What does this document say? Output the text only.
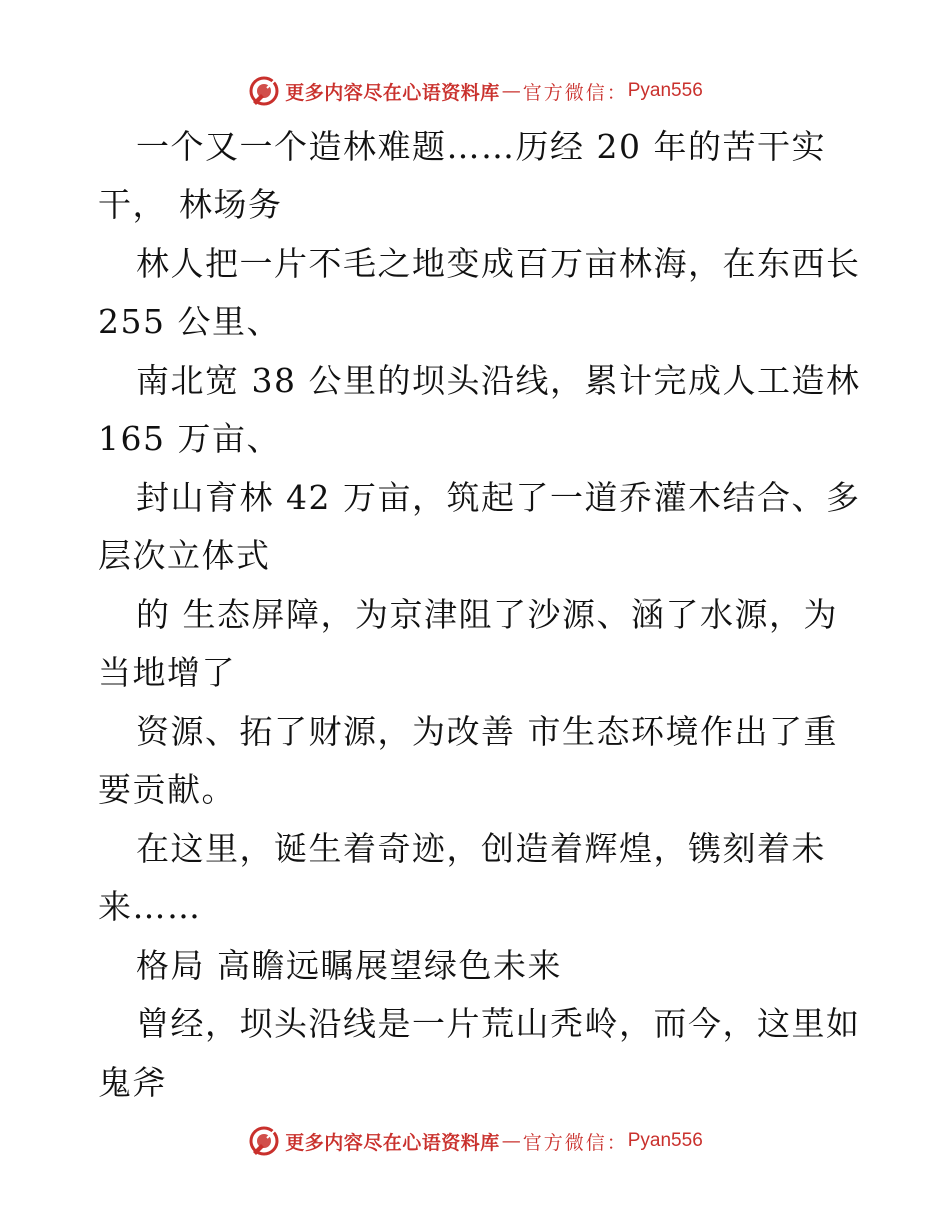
更多内容尽在心语资料库 — 官方微信： Pyan556
一个又一个造林难题……历经 20 年的苦干实
干， 林场务
林人把一片不毛之地变成百万亩林海，在东西长
255 公里、
南北宽 38 公里的坝头沿线，累计完成人工造林
165 万亩、
封山育林 42 万亩，筑起了一道乔灌木结合、多
层次立体式
的 生态屏障，为京津阻了沙源、涵了水源，为
当地增了
资源、拓了财源，为改善 市生态环境作出了重
要贡献。
在这里，诞生着奇迹，创造着辉煌，镌刻着未
来……
格局 高瞻远瞩展望绿色未来
曾经，坝头沿线是一片荒山秃岭，而今，这里如
鬼斧
更多内容尽在心语资料库 — 官方微信： Pyan556
